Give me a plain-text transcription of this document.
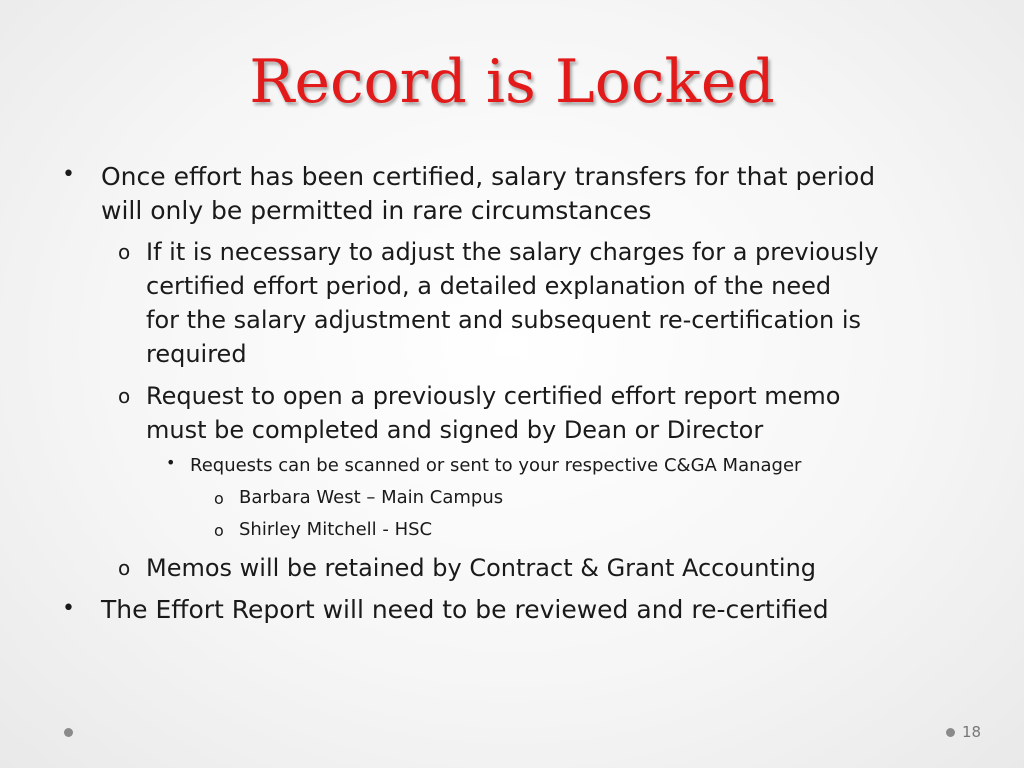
Record is Locked
• Once effort has been certified, salary transfers for that period
will only be permitted in rare circumstances
o If it is necessary to adjust the salary charges for a previously
certified effort period, a detailed explanation of the need
for the salary adjustment and subsequent re-certification is
required
o Request to open a previously certified effort report memo
must be completed and signed by Dean or Director
• Requests can be scanned or sent to your respective C&GA Manager
o Barbara West – Main Campus
o Shirley Mitchell - HSC
o Memos will be retained by Contract & Grant Accounting
• The Effort Report will need to be reviewed and re-certified
18
